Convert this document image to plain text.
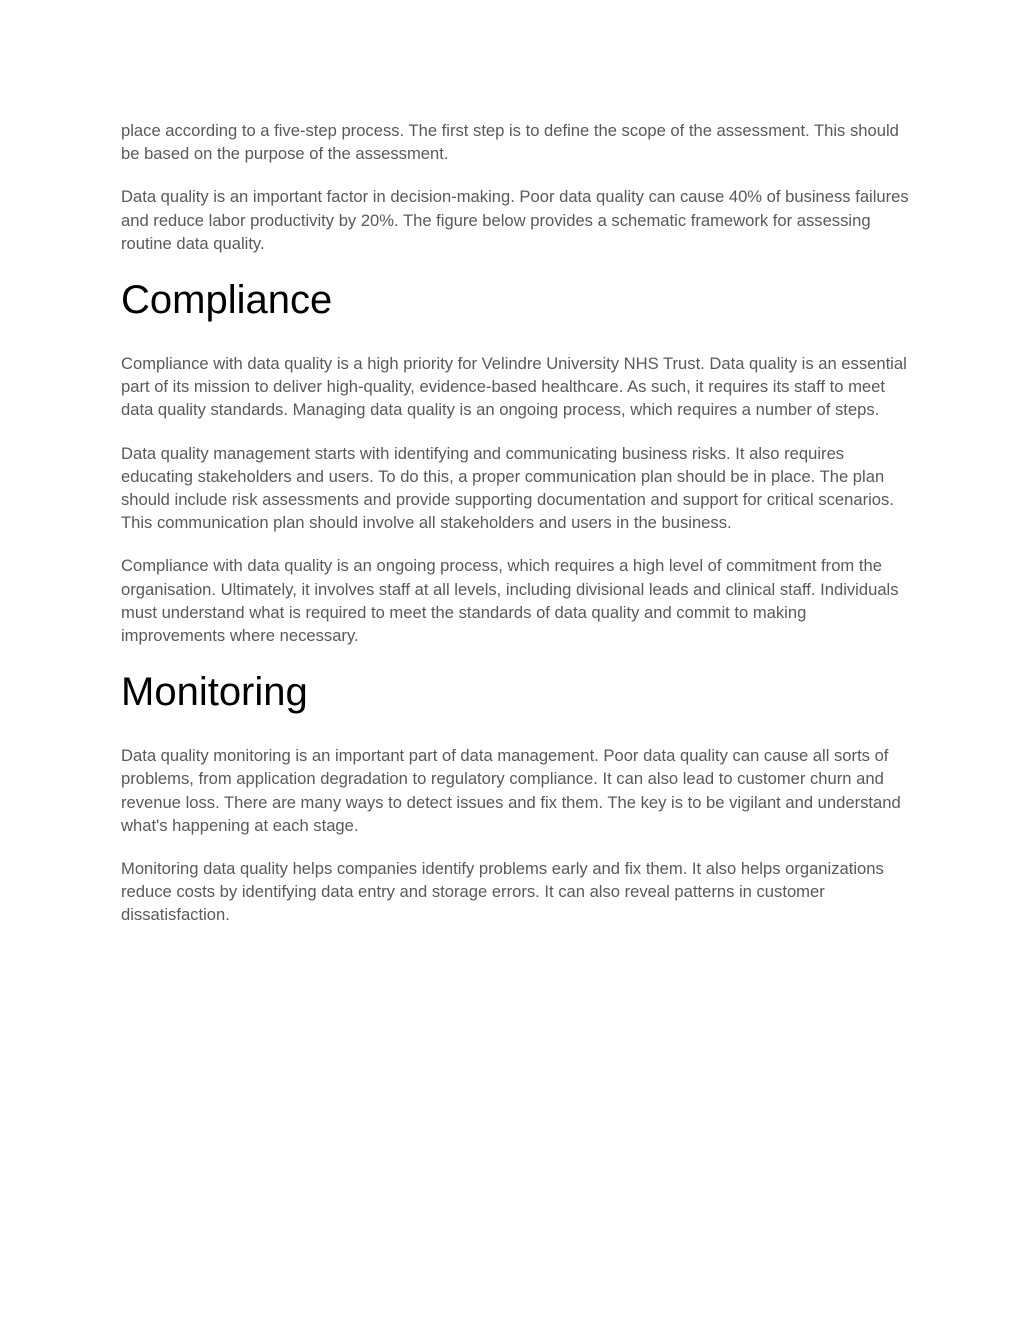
place according to a five-step process. The first step is to define the scope of the assessment. This should be based on the purpose of the assessment.

Data quality is an important factor in decision-making. Poor data quality can cause 40% of business failures and reduce labor productivity by 20%. The figure below provides a schematic framework for assessing routine data quality.

Compliance

Compliance with data quality is a high priority for Velindre University NHS Trust. Data quality is an essential part of its mission to deliver high-quality, evidence-based healthcare. As such, it requires its staff to meet data quality standards. Managing data quality is an ongoing process, which requires a number of steps.

Data quality management starts with identifying and communicating business risks. It also requires educating stakeholders and users. To do this, a proper communication plan should be in place. The plan should include risk assessments and provide supporting documentation and support for critical scenarios. This communication plan should involve all stakeholders and users in the business.

Compliance with data quality is an ongoing process, which requires a high level of commitment from the organisation. Ultimately, it involves staff at all levels, including divisional leads and clinical staff. Individuals must understand what is required to meet the standards of data quality and commit to making improvements where necessary.

Monitoring

Data quality monitoring is an important part of data management. Poor data quality can cause all sorts of problems, from application degradation to regulatory compliance. It can also lead to customer churn and revenue loss. There are many ways to detect issues and fix them. The key is to be vigilant and understand what's happening at each stage.

Monitoring data quality helps companies identify problems early and fix them. It also helps organizations reduce costs by identifying data entry and storage errors. It can also reveal patterns in customer dissatisfaction.
